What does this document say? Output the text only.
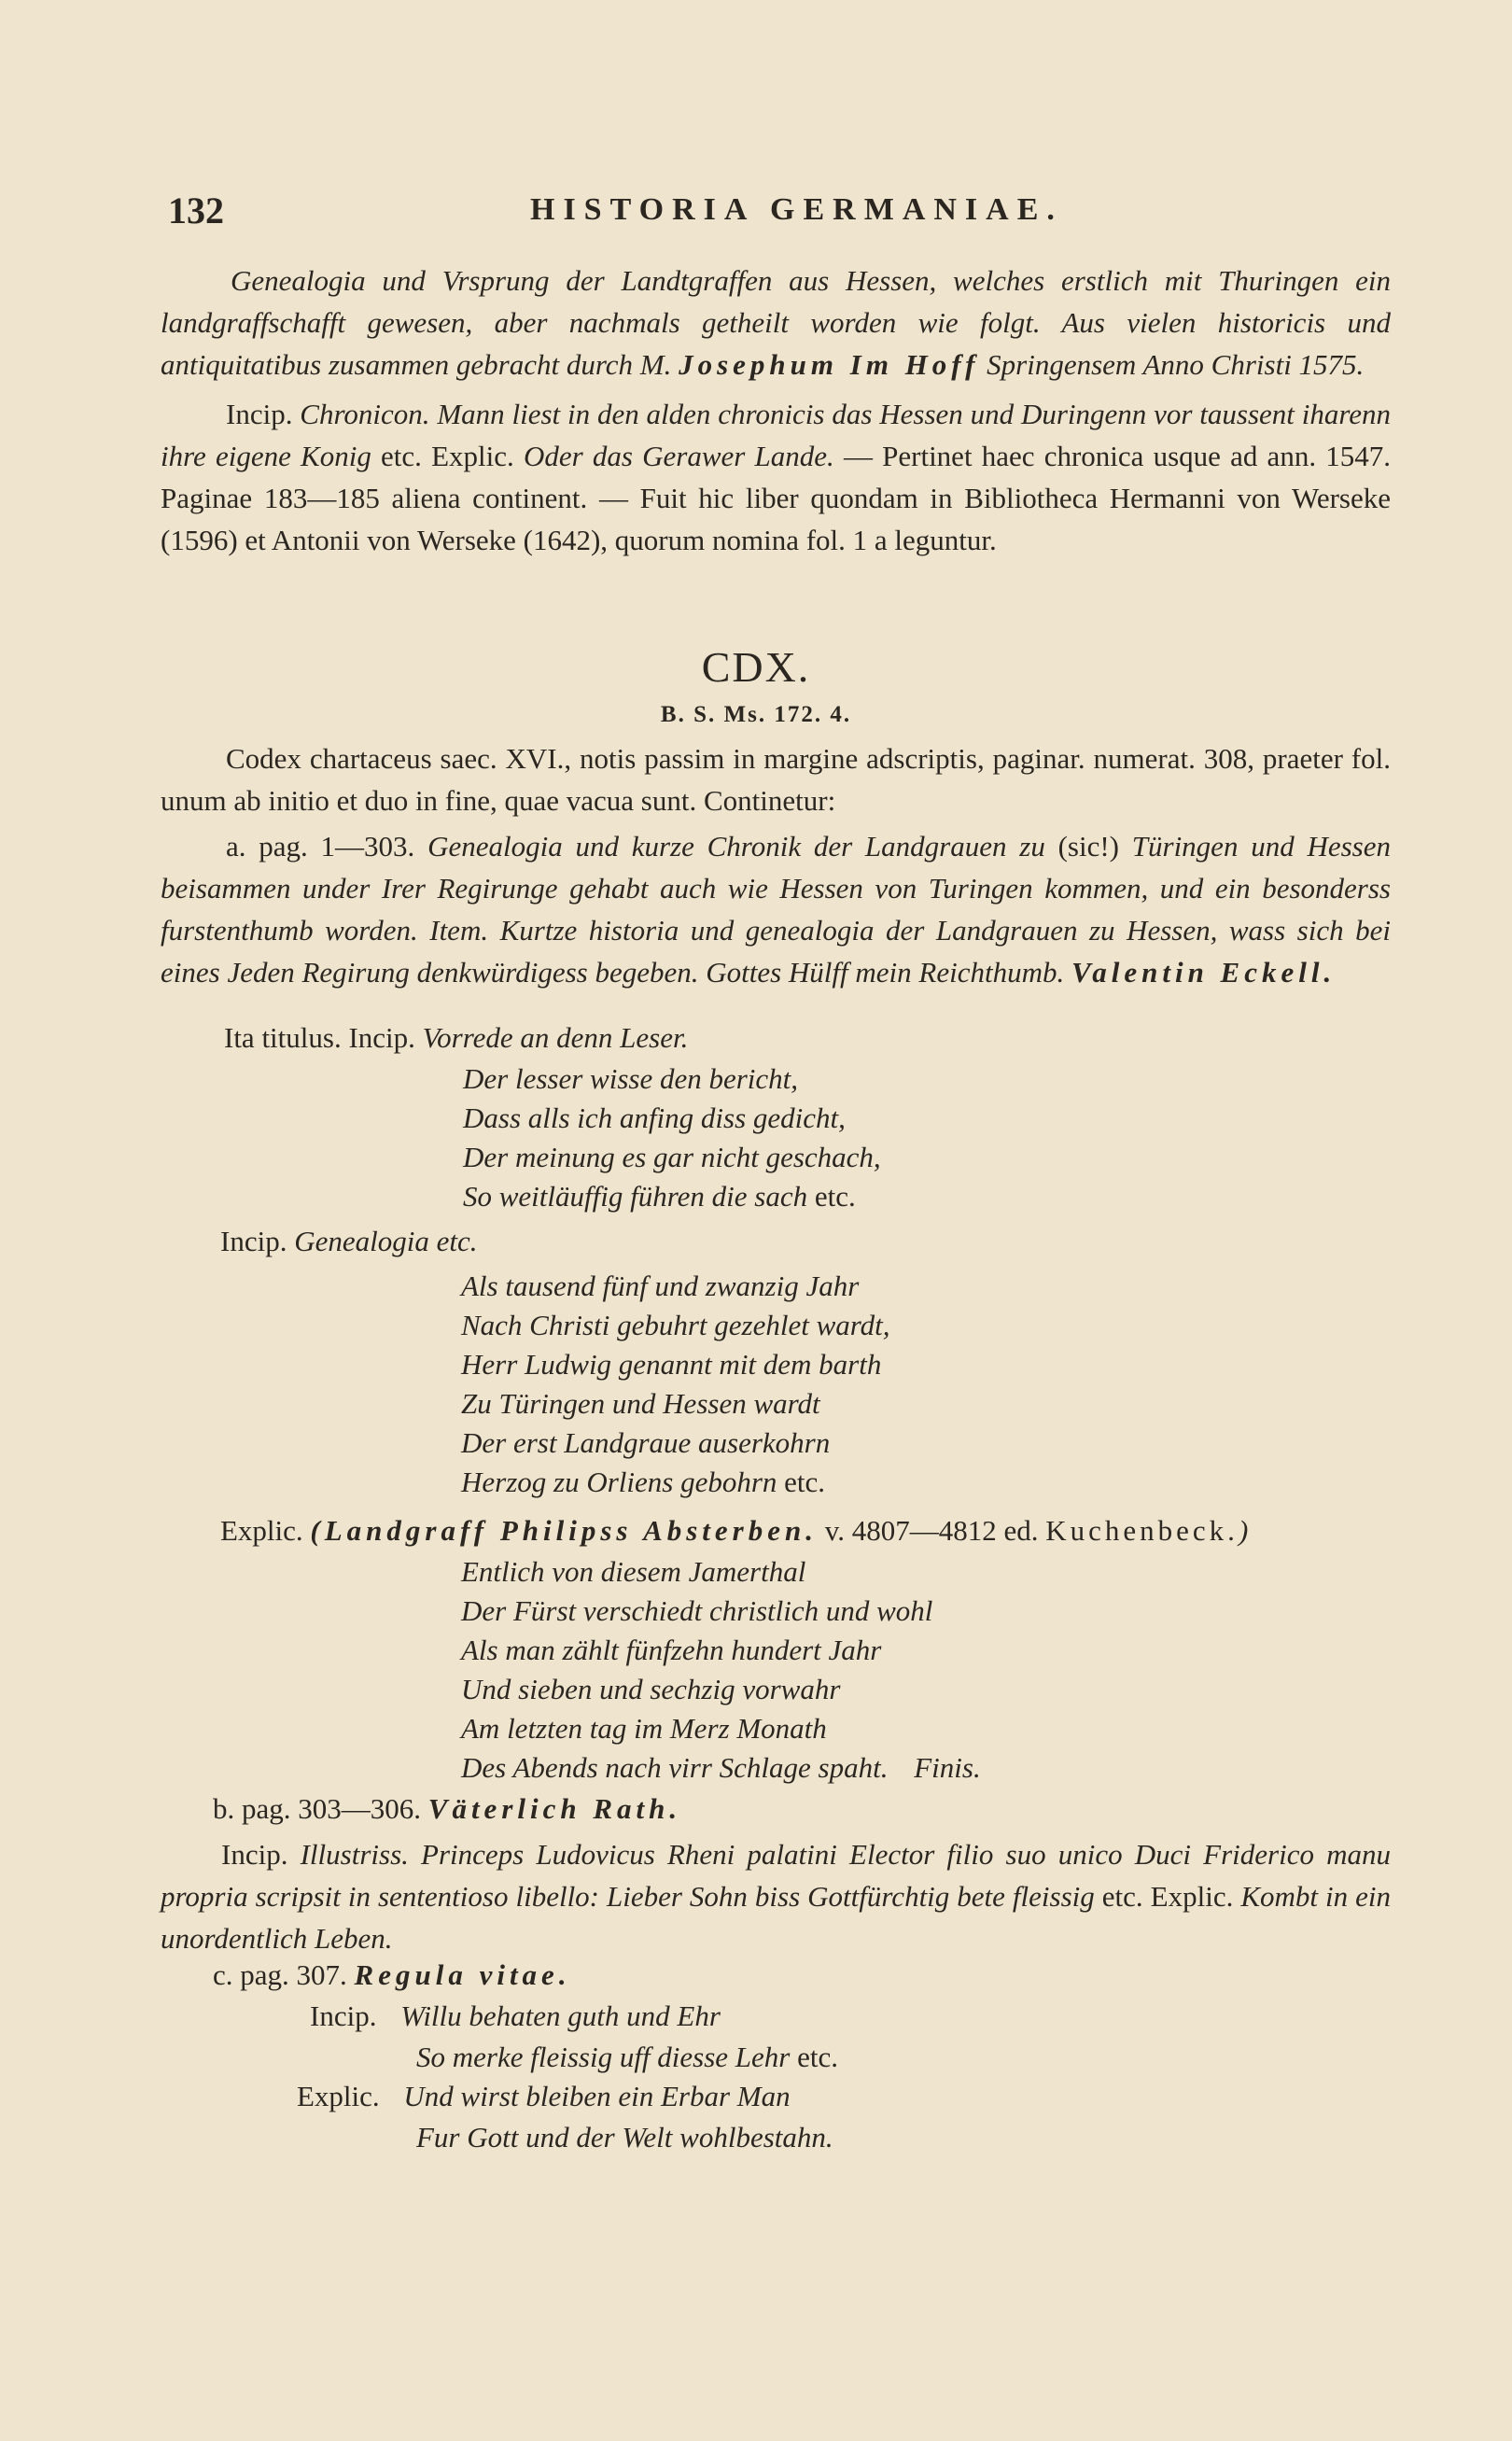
132	HISTORIA GERMANIAE.

Genealogia und Vrsprung der Landtgraffen aus Hessen, welches erstlich mit Thuringen ein landgraffschafft gewesen, aber nachmals getheilt worden wie folgt. Aus vielen historicis und antiquitatibus zusammen gebracht durch M. Josephum Im Hoff Springensem Anno Christi 1575.

Incip. Chronicon. Mann liest in den alden chronicis das Hessen und Duringenn vor taussent iharenn ihre eigene Konig etc. Explic. Oder das Gerawer Lande. — Pertinet haec chronica usque ad ann. 1547. Paginae 183—185 aliena continent. — Fuit hic liber quondam in Bibliotheca Hermanni von Werseke (1596) et Antonii von Werseke (1642), quorum nomina fol. 1 a leguntur.

CDX.
B. S. Ms. 172. 4.

Codex chartaceus saec. XVI., notis passim in margine adscriptis, paginar. numerat. 308, praeter fol. unum ab initio et duo in fine, quae vacua sunt. Continetur:

a. pag. 1—303. Genealogia und kurze Chronik der Landgrauen zu (sic!) Türingen und Hessen beisammen under Irer Regirunge gehabt auch wie Hessen von Turingen kommen, und ein besonderss furstenthumb worden. Item. Kurtze historia und genealogia der Landgrauen zu Hessen, wass sich bei eines Jeden Regirung denkwürdigess begeben. Gottes Hülff mein Reichthumb. Valentin Eckell.

Ita titulus. Incip. Vorrede an denn Leser.
Der lesser wisse den bericht,
Dass alls ich anfing diss gedicht,
Der meinung es gar nicht geschach,
So weitläuffig führen die sach etc.
Incip. Genealogia etc.
Als tausend fünf und zwanzig Jahr
Nach Christi gebuhrt gezehlet wardt,
Herr Ludwig genannt mit dem barth
Zu Türingen und Hessen wardt
Der erst Landgraue auserkohrn
Herzog zu Orliens gebohrn etc.
Explic. (Landgraff Philipss Absterben. v. 4807—4812 ed. Kuchenbeck.)
Entlich von diesem Jamerthal
Der Fürst verschiedt christlich und wohl
Als man zählt fünfzehn hundert Jahr
Und sieben und sechzig vorwahr
Am letzten tag im Merz Monath
Des Abends nach virr Schlage spaht. Finis.
b. pag. 303—306. Väterlich Rath.

Incip. Illustriss. Princeps Ludovicus Rheni palatini Elector filio suo unico Duci Friderico manu propria scripsit in sententioso libello: Lieber Sohn biss Gottfürchtig bete fleissig etc. Explic. Kombt in ein unordentlich Leben.

c. pag. 307. Regula vitae.
Incip. Willu behaten guth und Ehr
So merke fleissig uff diesse Lehr etc.
Explic. Und wirst bleiben ein Erbar Man
Fur Gott und der Welt wohlbestahn.
